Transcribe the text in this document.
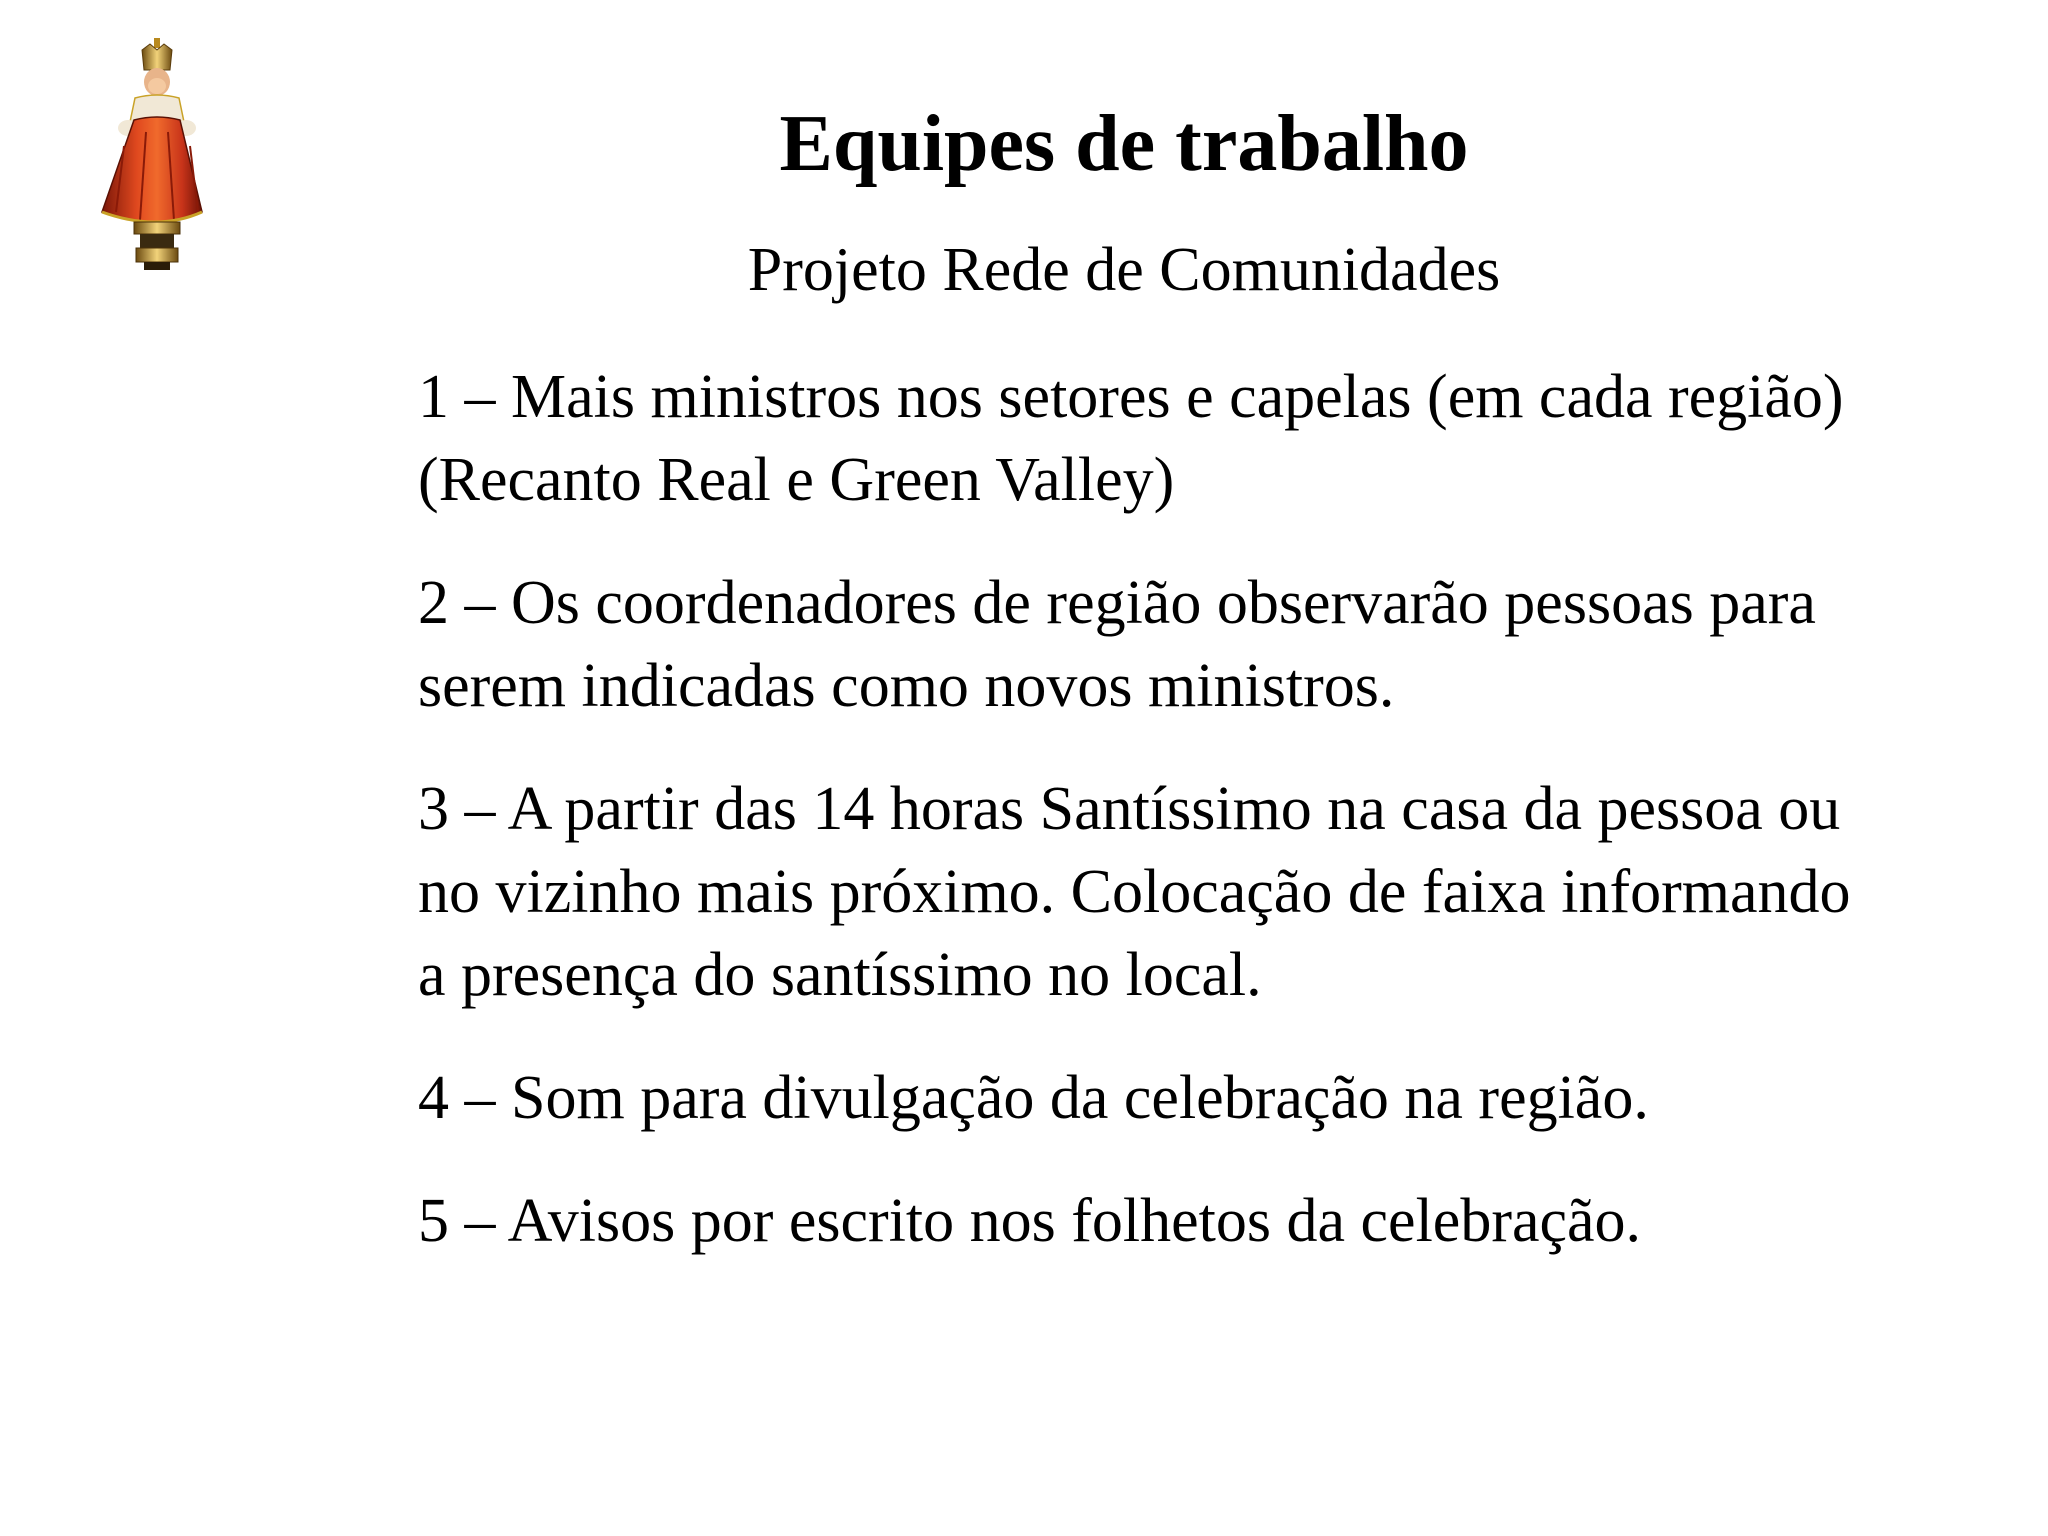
Equipes de trabalho

Projeto Rede de Comunidades

1 – Mais ministros nos setores e capelas (em cada região) (Recanto Real e Green Valley)
2 – Os coordenadores de região observarão pessoas para serem indicadas como novos ministros.
3 – A partir das 14 horas Santíssimo na casa da pessoa ou no vizinho mais próximo. Colocação de faixa informando a presença do santíssimo no local.
4 – Som para divulgação da celebração na região.
5 – Avisos por escrito nos folhetos da celebração.
